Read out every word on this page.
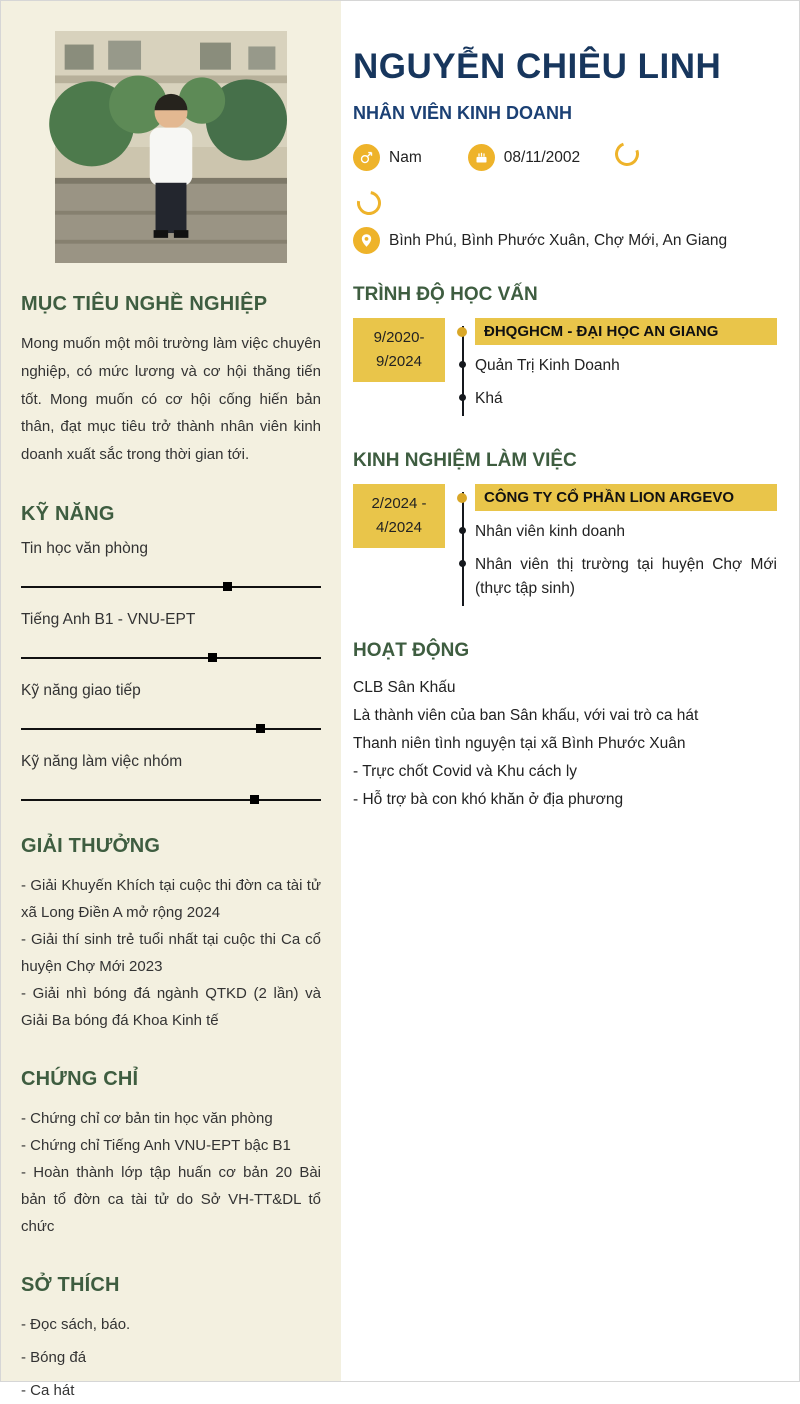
MỤC TIÊU NGHỀ NGHIỆP

Mong muốn một môi trường làm việc chuyên nghiệp, có mức lương và cơ hội thăng tiến tốt. Mong muốn có cơ hội cống hiến bản thân, đạt mục tiêu trở thành nhân viên kinh doanh xuất sắc trong thời gian tới.

KỸ NĂNG
Tin học văn phòng
Tiếng Anh B1 - VNU-EPT
Kỹ năng giao tiếp
Kỹ năng làm việc nhóm
GIẢI THƯỞNG

- Giải Khuyến Khích tại cuộc thi đờn ca tài tử xã Long Điền A mở rộng 2024

- Giải thí sinh trẻ tuổi nhất tại cuộc thi Ca cổ huyện Chợ Mới 2023

- Giải nhì bóng đá ngành QTKD (2 lần) và Giải Ba bóng đá Khoa Kinh tế

CHỨNG CHỈ

- Chứng chỉ cơ bản tin học văn phòng

- Chứng chỉ Tiếng Anh VNU-EPT bậc B1

- Hoàn thành lớp tập huấn cơ bản 20 Bài bản tổ đờn ca tài tử do Sở VH-TT&DL tổ chức

SỞ THÍCH

- Đọc sách, báo.

- Bóng đá

- Ca hát

NGUYỄN CHIÊU LINH
NHÂN VIÊN KINH DOANH
Nam	08/11/2002
Bình Phú, Bình Phước Xuân, Chợ Mới, An Giang
TRÌNH ĐỘ HỌC VẤN
9/2020-
9/2024
ĐHQGHCM - ĐẠI HỌC AN GIANG
Quản Trị Kinh Doanh
Khá
KINH NGHIỆM LÀM VIỆC
2/2024 -
4/2024
CÔNG TY CỔ PHẦN LION ARGEVO
Nhân viên kinh doanh
Nhân viên thị trường tại huyện Chợ Mới (thực tập sinh)
HOẠT ĐỘNG
CLB Sân Khấu
Là thành viên của ban Sân khấu, với vai trò ca hát
Thanh niên tình nguyện tại xã Bình Phước Xuân
- Trực chốt Covid và Khu cách ly
- Hỗ trợ bà con khó khăn ở địa phương
